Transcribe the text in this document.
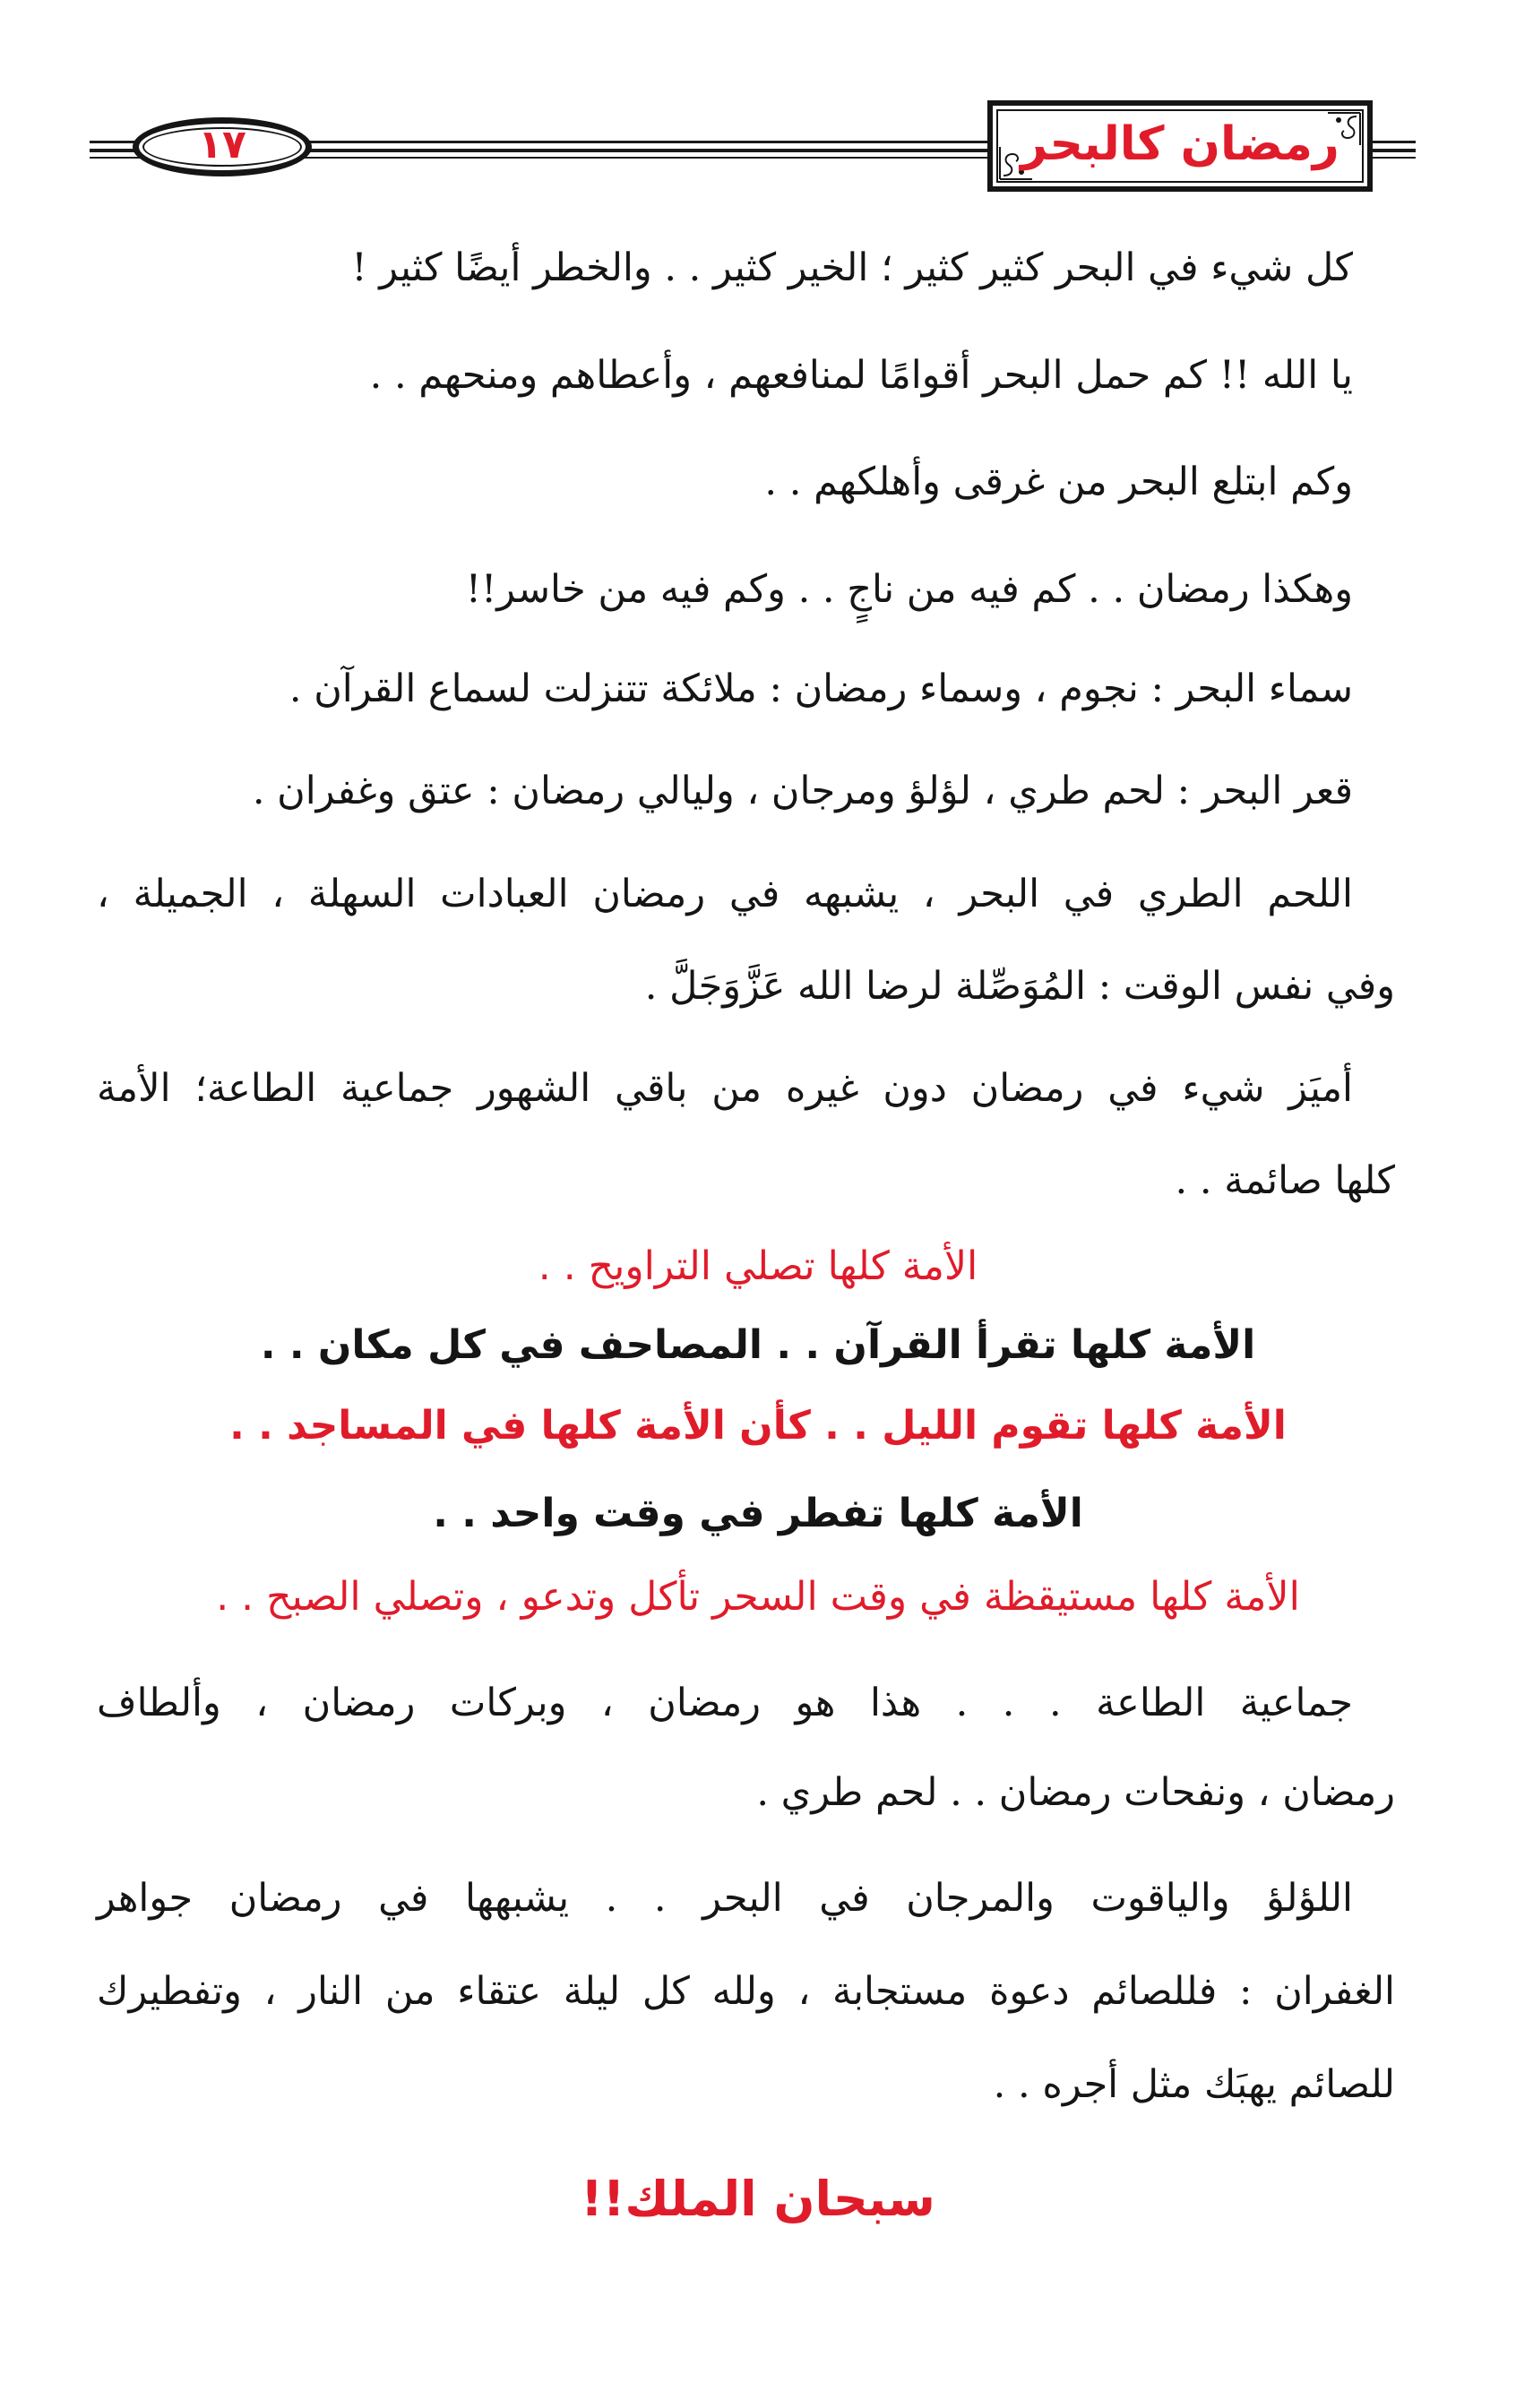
١٧	رمضان كالبحر
كل شيء في البحر كثير كثير ؛ الخير كثير . . والخطر أيضًا كثير !
يا الله !! كم حمل البحر أقوامًا لمنافعهم ، وأعطاهم ومنحهم . .
وكم ابتلع البحر من غرقى وأهلكهم . .
وهكذا رمضان . . كم فيه من ناجٍ . . وكم فيه من خاسر!!
سماء البحر : نجوم ، وسماء رمضان : ملائكة تتنزلت لسماع القرآن .
قعر البحر : لحم طري ، لؤلؤ ومرجان ، وليالي رمضان : عتق وغفران .
اللحم الطري في البحر ، يشبهه في رمضان العبادات السهلة ، الجميلة ،
وفي نفس الوقت : المُوَصِّلة لرضا الله عَزَّوَجَلَّ .
أميَز شيء في رمضان دون غيره من باقي الشهور جماعية الطاعة؛ الأمة
كلها صائمة . .
الأمة كلها تصلي التراويح . .
الأمة كلها تقرأ القرآن . . المصاحف في كل مكان . .
الأمة كلها تقوم الليل . . كأن الأمة كلها في المساجد . .
الأمة كلها تفطر في وقت واحد . .
الأمة كلها مستيقظة في وقت السحر تأكل وتدعو ، وتصلي الصبح . .
جماعية الطاعة . . . هذا هو رمضان ، وبركات رمضان ، وألطاف
رمضان ، ونفحات رمضان . . لحم طري .
اللؤلؤ والياقوت والمرجان في البحر . . يشبهها في رمضان جواهر
الغفران : فللصائم دعوة مستجابة ، ولله كل ليلة عتقاء من النار ، وتفطيرك
للصائم يهبَك مثل أجره . .
سبحان الملك!!
